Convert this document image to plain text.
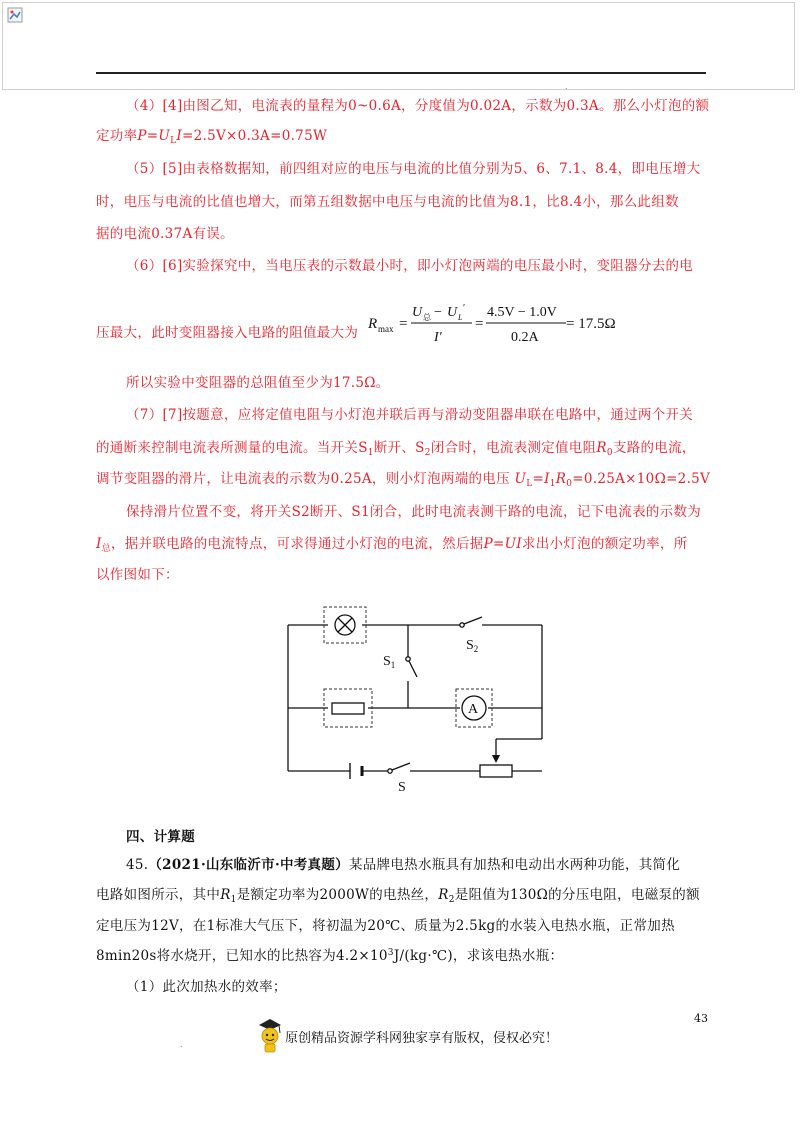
.
（4）[4]由图乙知，电流表的量程为0~0.6A，分度值为0.02A，示数为0.3A。那么小灯泡的额
定功率$P=U_LI=2.5V\times 0.3A=0.75W$
（5）[5]由表格数据知，前四组对应的电压与电流的比值分别为5、6、7.1、8.4，即电压增大
时，电压与电流的比值也增大，而第五组数据中电压与电流的比值为8.1，比8.4小，那么此组数
据的电流0.37A有误。
（6）[6]实验探究中，当电压表的示数最小时，即小灯泡两端的电压最小时，变阻器分去的电
压最大，此时变阻器接入电路的阻值最大为
R max =
U 总 − U L
′
I′
=
4.5V − 1.0V
0.2A
= 17.5Ω
所以实验中变阻器的总阻值至少为17.5Ω。
（7）[7]按题意，应将定值电阻与小灯泡并联后再与滑动变阻器串联在电路中，通过两个开关
的通断来控制电流表所测量的电流。当开关$S_1$断开、$S_2$闭合时，电流表测定值电阻$R_0$支路的电流，
调节变阻器的滑片，让电流表的示数为0.25A，则小灯泡两端的电压 $U_L=I_1R_0=0.25A\times 10\Omega=2.5V$
保持滑片位置不变，将开关S2断开、S1闭合，此时电流表测干路的电流，记下电流表的示数为
$I_总$，据并联电路的电流特点，可求得通过小灯泡的电流，然后据P=UI求出小灯泡的额定功率，所
以作图如下：
A
$S_1$
$S_2$
S
四、计算题
45.（2021·山东临沂市·中考真题）某品牌电热水瓶具有加热和电动出水两种功能，其简化
电路如图所示，其中$R_1$是额定功率为2000W的电热丝，$R_2$是阻值为130Ω的分压电阻，电磁泵的额
定电压为12V，在1标准大气压下，将初温为20℃、质量为2.5kg的水装入电热水瓶，正常加热
8min20s将水烧开，已知水的比热容为$4.2\times 10^3J/(kg\cdot℃)$，求该电热水瓶：
（1）此次加热水的效率；
43
原创精品资源学科网独家享有版权，侵权必究！
.
